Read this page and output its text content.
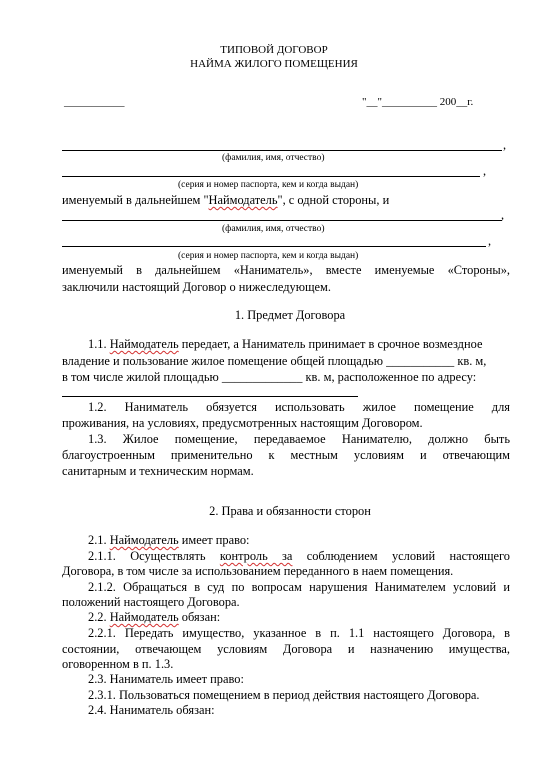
ТИПОВОЙ ДОГОВОР
НАЙМА ЖИЛОГО ПОМЕЩЕНИЯ
___________	"__"__________ 200__г.
,
(фамилия, имя, отчество)
,
(серия и номер паспорта, кем и когда выдан)
именуемый в дальнейшем "Наймодатель", с одной стороны, и
,
(фамилия, имя, отчество)
,
(серия и номер паспорта, кем и когда выдан)
именуемый в дальнейшем «Наниматель», вместе именуемые «Стороны»,
заключили настоящий Договор о нижеследующем.
1. Предмет Договора
1.1. Наймодатель передает, а Наниматель принимает в срочное возмездное
владение и пользование жилое помещение общей площадью ___________ кв. м,
в том числе жилой площадью _____________ кв. м, расположенное по адресу:
1.2. Наниматель обязуется использовать жилое помещение для
проживания, на условиях, предусмотренных настоящим Договором.
1.3. Жилое помещение, передаваемое Нанимателю, должно быть
благоустроенным применительно к местным условиям и отвечающим
санитарным и техническим нормам.
2. Права и обязанности сторон
2.1. Наймодатель имеет право:
2.1.1. Осуществлять контроль за соблюдением условий настоящего
Договора, в том числе за использованием переданного в наем помещения.
2.1.2. Обращаться в суд по вопросам нарушения Нанимателем условий и
положений настоящего Договора.
2.2. Наймодатель обязан:
2.2.1. Передать имущество, указанное в п. 1.1 настоящего Договора, в
состоянии, отвечающем условиям Договора и назначению имущества,
оговоренном в п. 1.3.
2.3. Наниматель имеет право:
2.3.1. Пользоваться помещением в период действия настоящего Договора.
2.4. Наниматель обязан:
